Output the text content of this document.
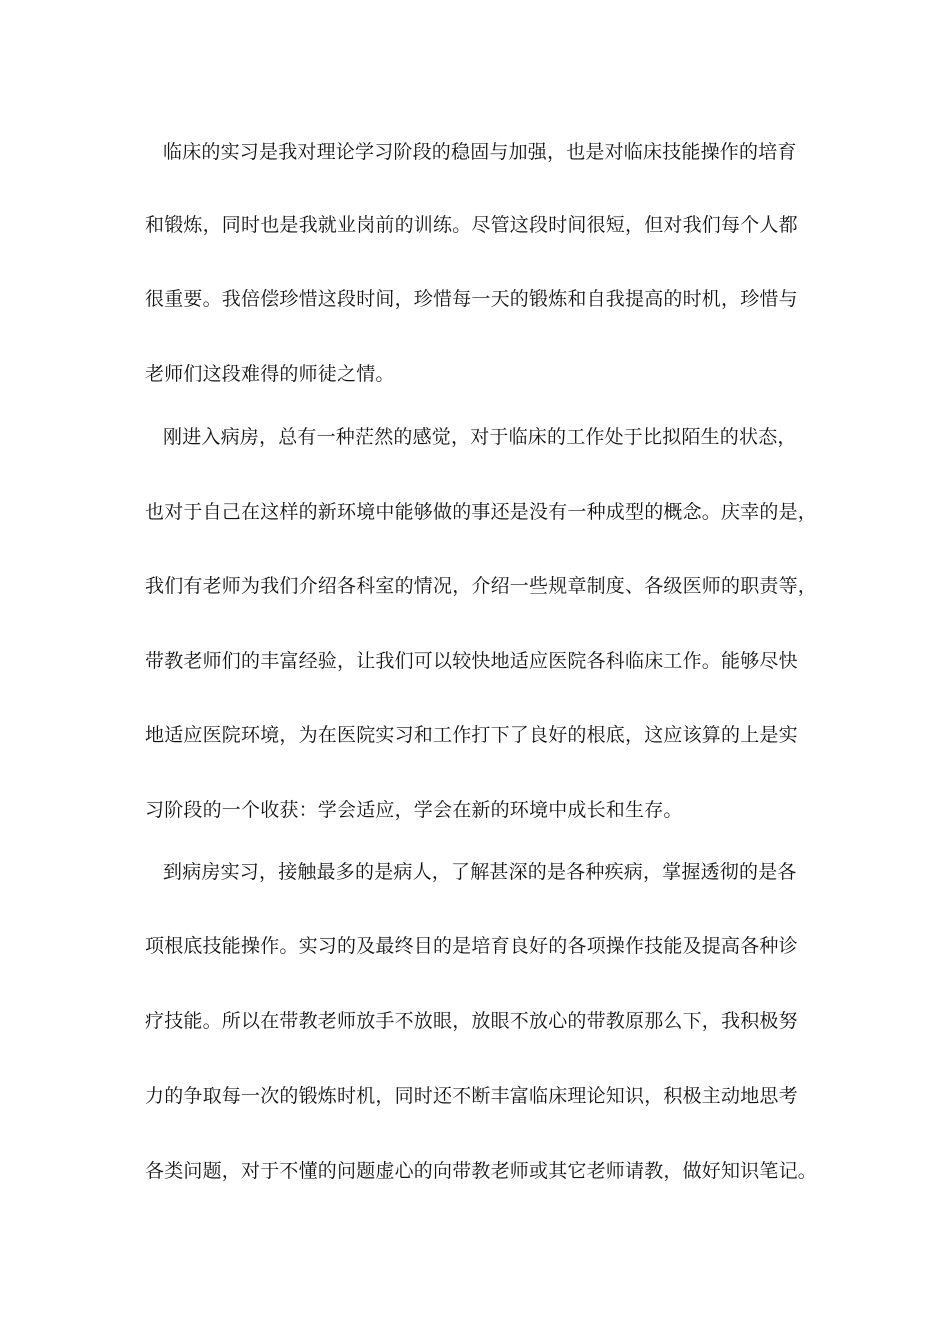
临床的实习是我对理论学习阶段的稳固与加强，也是对临床技能操作的培育
和锻炼，同时也是我就业岗前的训练。尽管这段时间很短，但对我们每个人都
很重要。我倍偿珍惜这段时间，珍惜每一天的锻炼和自我提高的时机，珍惜与
老师们这段难得的师徒之情。
刚进入病房，总有一种茫然的感觉，对于临床的工作处于比拟陌生的状态，
也对于自己在这样的新环境中能够做的事还是没有一种成型的概念。庆幸的是，
我们有老师为我们介绍各科室的情况，介绍一些规章制度、各级医师的职责等，
带教老师们的丰富经验，让我们可以较快地适应医院各科临床工作。能够尽快
地适应医院环境，为在医院实习和工作打下了良好的根底，这应该算的上是实
习阶段的一个收获：学会适应，学会在新的环境中成长和生存。
到病房实习，接触最多的是病人，了解甚深的是各种疾病，掌握透彻的是各
项根底技能操作。实习的及最终目的是培育良好的各项操作技能及提高各种诊
疗技能。所以在带教老师放手不放眼，放眼不放心的带教原那么下，我积极努
力的争取每一次的锻炼时机，同时还不断丰富临床理论知识，积极主动地思考
各类问题，对于不懂的问题虚心的向带教老师或其它老师请教，做好知识笔记。
